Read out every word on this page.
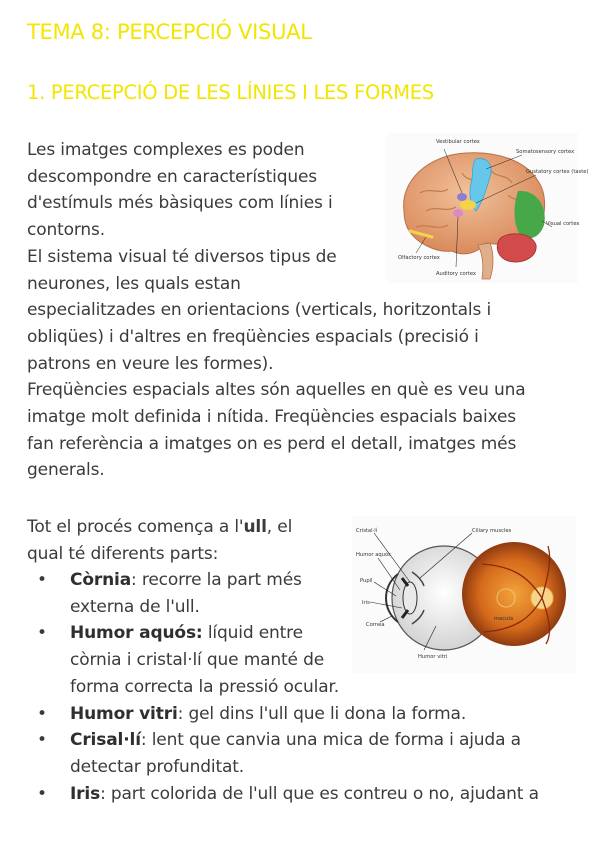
TEMA 8: PERCEPCIÓ VISUAL
1. PERCEPCIÓ DE LES LÍNIES I LES FORMES
Les imatges complexes es poden
descompondre en característiques
d'estímuls més bàsiques com línies i
contorns.
El sistema visual té diversos tipus de
neurones, les quals estan
especialitzades en orientacions (verticals, horitzontals i
obliqües) i d'altres en freqüències espacials (precisió i
patrons en veure les formes).
Freqüències espacials altes són aquelles en què es veu una
imatge molt definida i nítida. Freqüències espacials baixes
fan referència a imatges on es perd el detall, imatges més
generals.
Vestibular cortex
Somatosensory cortex
Gustatory cortex (taste)
Visual cortex
Olfactory cortex
Auditory cortex
Tot el procés comença a l'ull, el
qual té diferents parts:
• Còrnia: recorre la part més
externa de l'ull.
• Humor aquós: líquid entre
còrnia i cristal·lí que manté de
forma correcta la pressió ocular.
• Humor vitri: gel dins l'ull que li dona la forma.
• Crisal·lí: lent que canvia una mica de forma i ajuda a
detectar profunditat.
• Iris: part colorida de l'ull que es contreu o no, ajudant a
Cristal·lí	Ciliary muscles
Humor aquós
Pupil
Iris
Cornea
Humor vitri
macula
